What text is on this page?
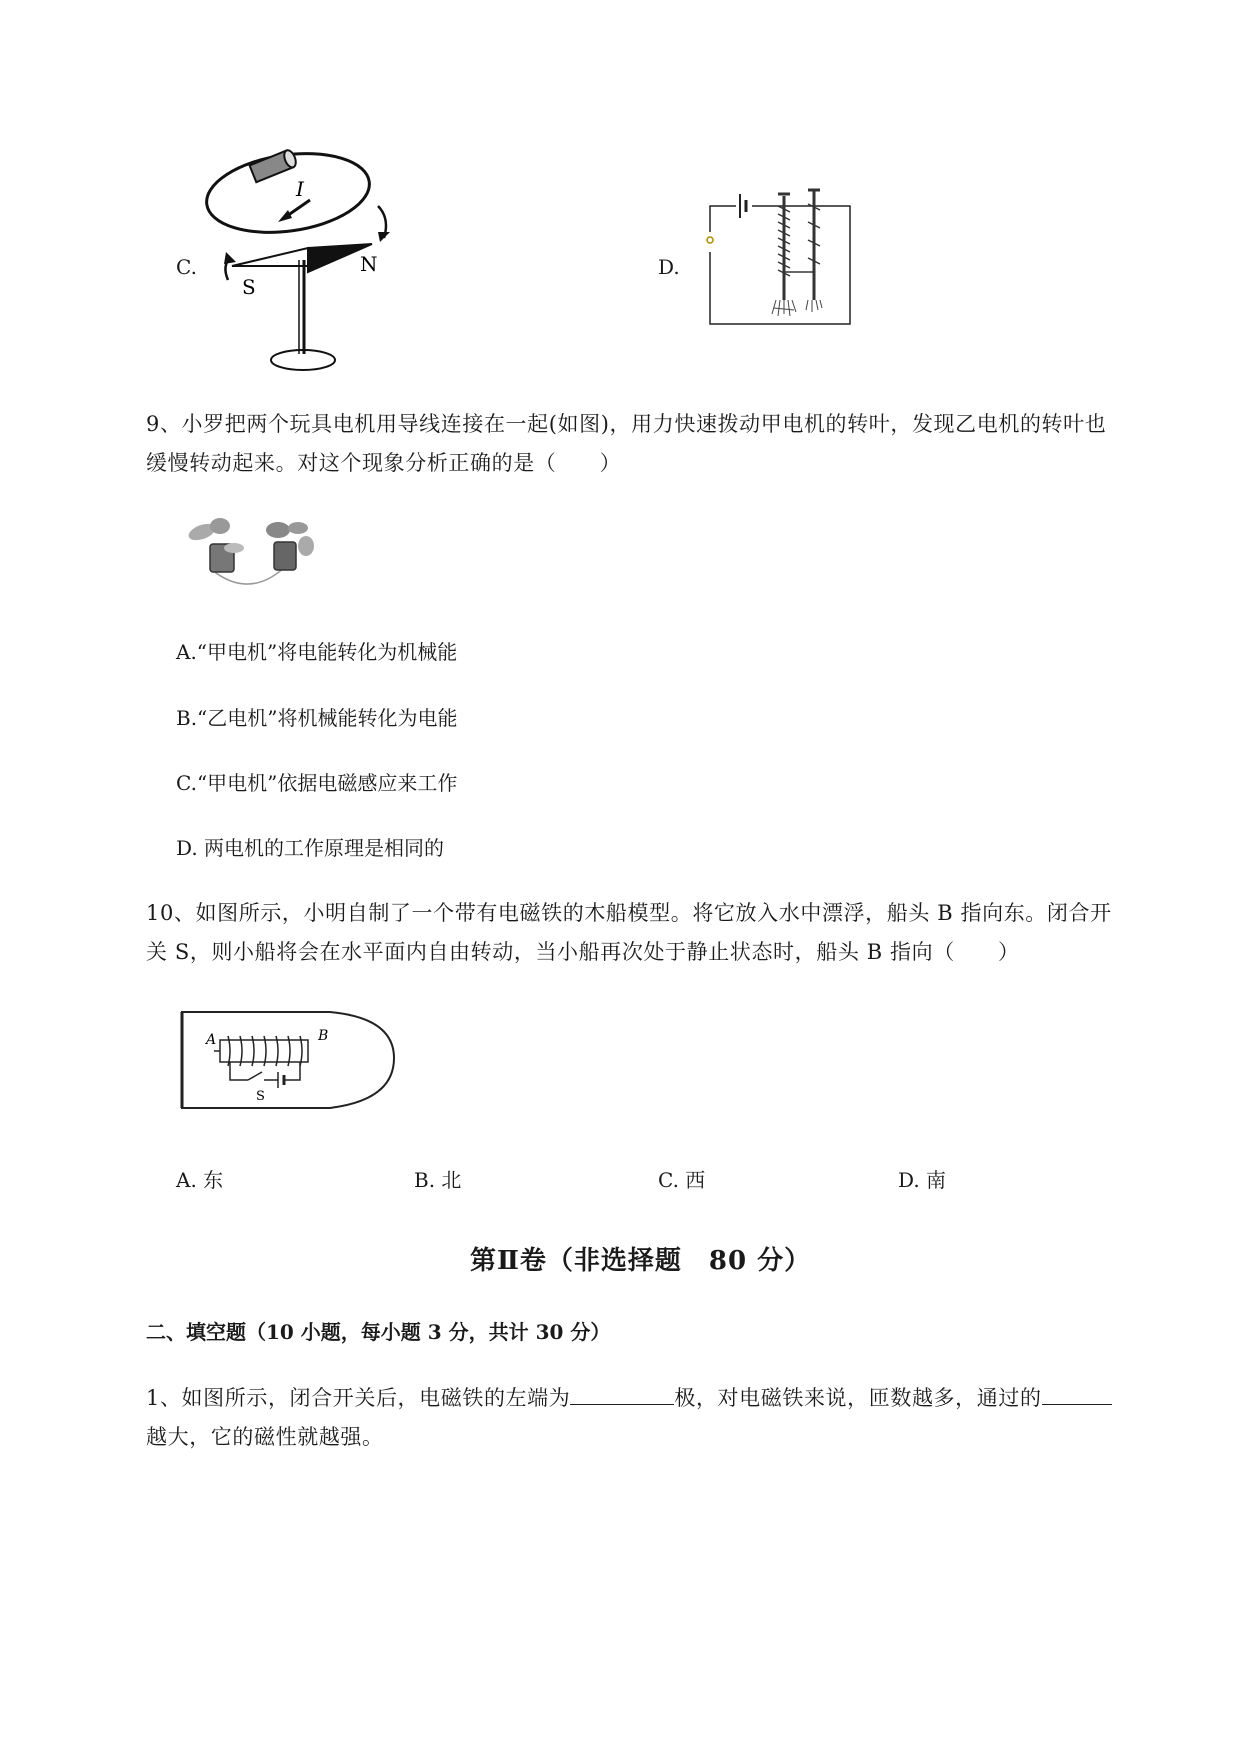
C.
I
S
N	D.
9、小罗把两个玩具电机用导线连接在一起(如图)，用力快速拨动甲电机的转叶，发现乙电机的转叶也
缓慢转动起来。对这个现象分析正确的是（　　）
A.“甲电机”将电能转化为机械能
B.“乙电机”将机械能转化为电能
C.“甲电机”依据电磁感应来工作
D. 两电机的工作原理是相同的
10、如图所示，小明自制了一个带有电磁铁的木船模型。将它放入水中漂浮，船头 B 指向东。闭合开
关 S，则小船将会在水平面内自由转动，当小船再次处于静止状态时，船头 B 指向（　　）
A	B
S
A. 东	B. 北	C. 西	D. 南
第Ⅱ卷（非选择题　80 分）
二、填空题（10 小题，每小题 3 分，共计 30 分）
1、如图所示，闭合开关后，电磁铁的左端为	极，对电磁铁来说，匝数越多，通过的
越大，它的磁性就越强。
